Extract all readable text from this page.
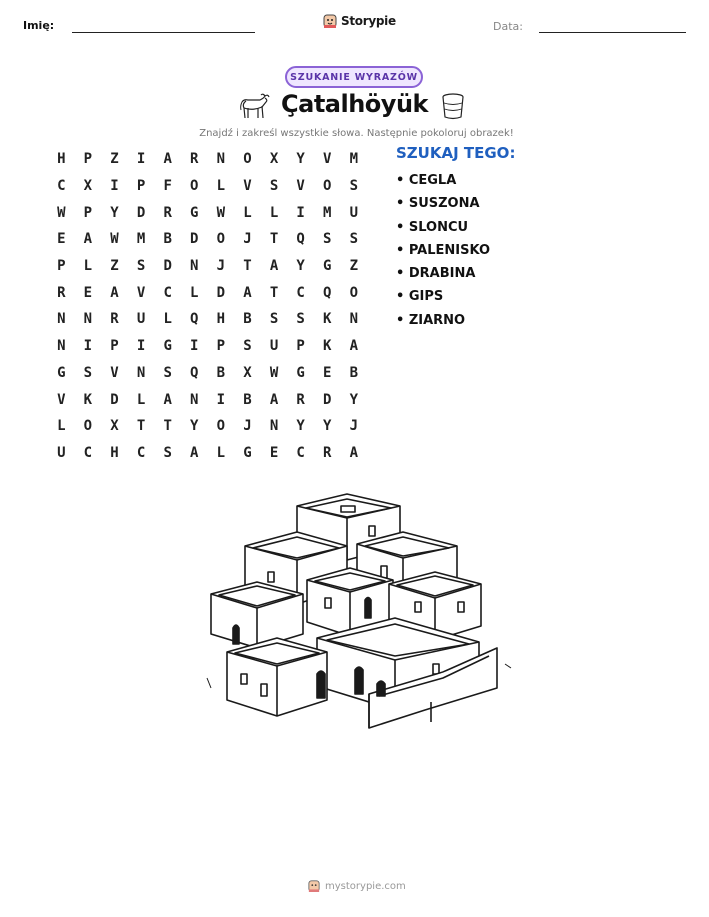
Imię:	Storypie	Data:
SZUKANIE WYRAZÓW
Çatalhöyük
Znajdź i zakreśl wszystkie słowa. Następnie pokoloruj obrazek!
H	P	Z	I	A	R	N	O	X	Y	V	M
C	X	I	P	F	O	L	V	S	V	O	S
W	P	Y	D	R	G	W	L	L	I	M	U
E	A	W	M	B	D	O	J	T	Q	S	S
P	L	Z	S	D	N	J	T	A	Y	G	Z
R	E	A	V	C	L	D	A	T	C	Q	O
N	N	R	U	L	Q	H	B	S	S	K	N
N	I	P	I	G	I	P	S	U	P	K	A
G	S	V	N	S	Q	B	X	W	G	E	B
V	K	D	L	A	N	I	B	A	R	D	Y
L	O	X	T	T	Y	O	J	N	Y	Y	J
U	C	H	C	S	A	L	G	E	C	R	A
SZUKAJ TEGO:
• CEGLA
• SUSZONA
• SLONCU
• PALENISKO
• DRABINA
• GIPS
• ZIARNO
mystorypie.com
